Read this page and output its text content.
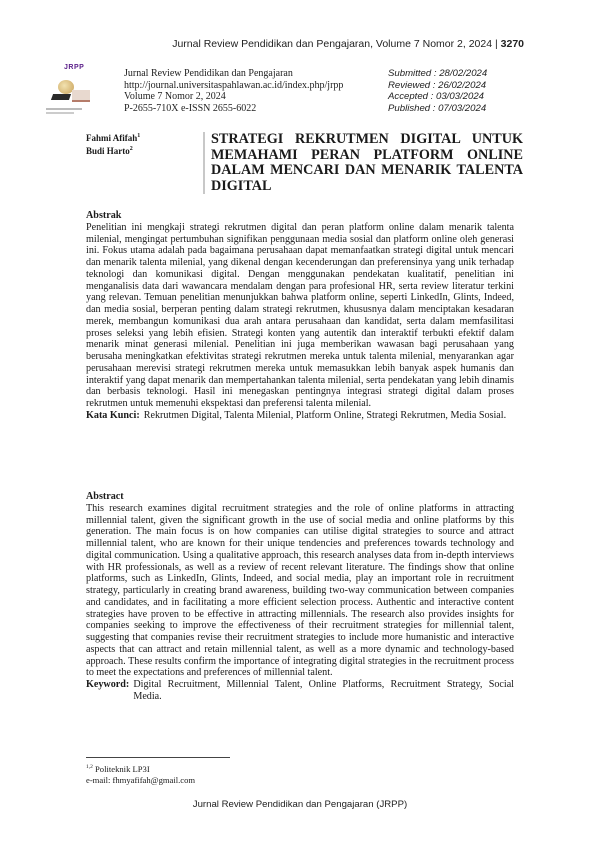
Jurnal Review Pendidikan dan Pengajaran, Volume 7 Nomor 2, 2024 | 3270
JRPP
Jurnal Review Pendidikan dan Pengajaran
http://journal.universitaspahlawan.ac.id/index.php/jrpp
Volume 7 Nomor 2, 2024
P-2655-710X e-ISSN 2655-6022
Submitted : 28/02/2024
Reviewed : 26/02/2024
Accepted : 03/03/2024
Published : 07/03/2024
Fahmi Afifah$^1$
Budi Harto$^2$
STRATEGI REKRUTMEN DIGITAL UNTUK MEMAHAMI PERAN PLATFORM ONLINE DALAM MENCARI DAN MENARIK TALENTA DIGITAL

Abstrak

Penelitian ini mengkaji strategi rekrutmen digital dan peran platform online dalam menarik talenta milenial, mengingat pertumbuhan signifikan penggunaan media sosial dan platform online oleh generasi ini. Fokus utama adalah pada bagaimana perusahaan dapat memanfaatkan strategi digital untuk mencari dan menarik talenta milenial, yang dikenal dengan kecenderungan dan preferensinya yang unik terhadap teknologi dan komunikasi digital. Dengan menggunakan pendekatan kualitatif, penelitian ini menganalisis data dari wawancara mendalam dengan para profesional HR, serta review literatur terkini yang relevan. Temuan penelitian menunjukkan bahwa platform online, seperti LinkedIn, Glints, Indeed, dan media sosial, berperan penting dalam strategi rekrutmen, khususnya dalam menciptakan kesadaran merek, membangun komunikasi dua arah antara perusahaan dan kandidat, serta dalam memfasilitasi proses seleksi yang lebih efisien. Strategi konten yang autentik dan interaktif terbukti efektif dalam menarik minat generasi milenial. Penelitian ini juga memberikan wawasan bagi perusahaan yang berusaha meningkatkan efektivitas strategi rekrutmen mereka untuk talenta milenial, menyarankan agar perusahaan merevisi strategi rekrutmen mereka untuk memasukkan lebih banyak aspek humanis dan interaktif yang dapat menarik dan mempertahankan talenta milenial, serta pendekatan yang lebih dinamis dan berbasis teknologi. Hasil ini menegaskan pentingnya integrasi strategi digital dalam proses rekrutmen untuk memenuhi ekspektasi dan preferensi talenta milenial.

Kata Kunci: Rekrutmen Digital, Talenta Milenial, Platform Online, Strategi Rekrutmen, Media Sosial.

Abstract

This research examines digital recruitment strategies and the role of online platforms in attracting millennial talent, given the significant growth in the use of social media and online platforms by this generation. The main focus is on how companies can utilise digital strategies to source and attract millennial talent, who are known for their unique tendencies and preferences towards technology and digital communication. Using a qualitative approach, this research analyses data from in-depth interviews with HR professionals, as well as a review of recent relevant literature. The findings show that online platforms, such as LinkedIn, Glints, Indeed, and social media, play an important role in recruitment strategy, particularly in creating brand awareness, building two-way communication between companies and candidates, and in facilitating a more efficient selection process. Authentic and interactive content strategies have proven to be effective in attracting millennials. The research also provides insights for companies seeking to improve the effectiveness of their recruitment strategies for millennial talent, suggesting that companies revise their recruitment strategies to include more humanistic and interactive aspects that can attract and retain millennial talent, as well as a more dynamic and technology-based approach. These results confirm the importance of integrating digital strategies in the recruitment process to meet the expectations and preferences of millennial talent.

Keyword: Digital Recruitment, Millennial Talent, Online Platforms, Recruitment Strategy, Social Media.
$^{1,2}$ Politeknik LP3I
e-mail: fhmyafifah@gmail.com
Jurnal Review Pendidikan dan Pengajaran (JRPP)
